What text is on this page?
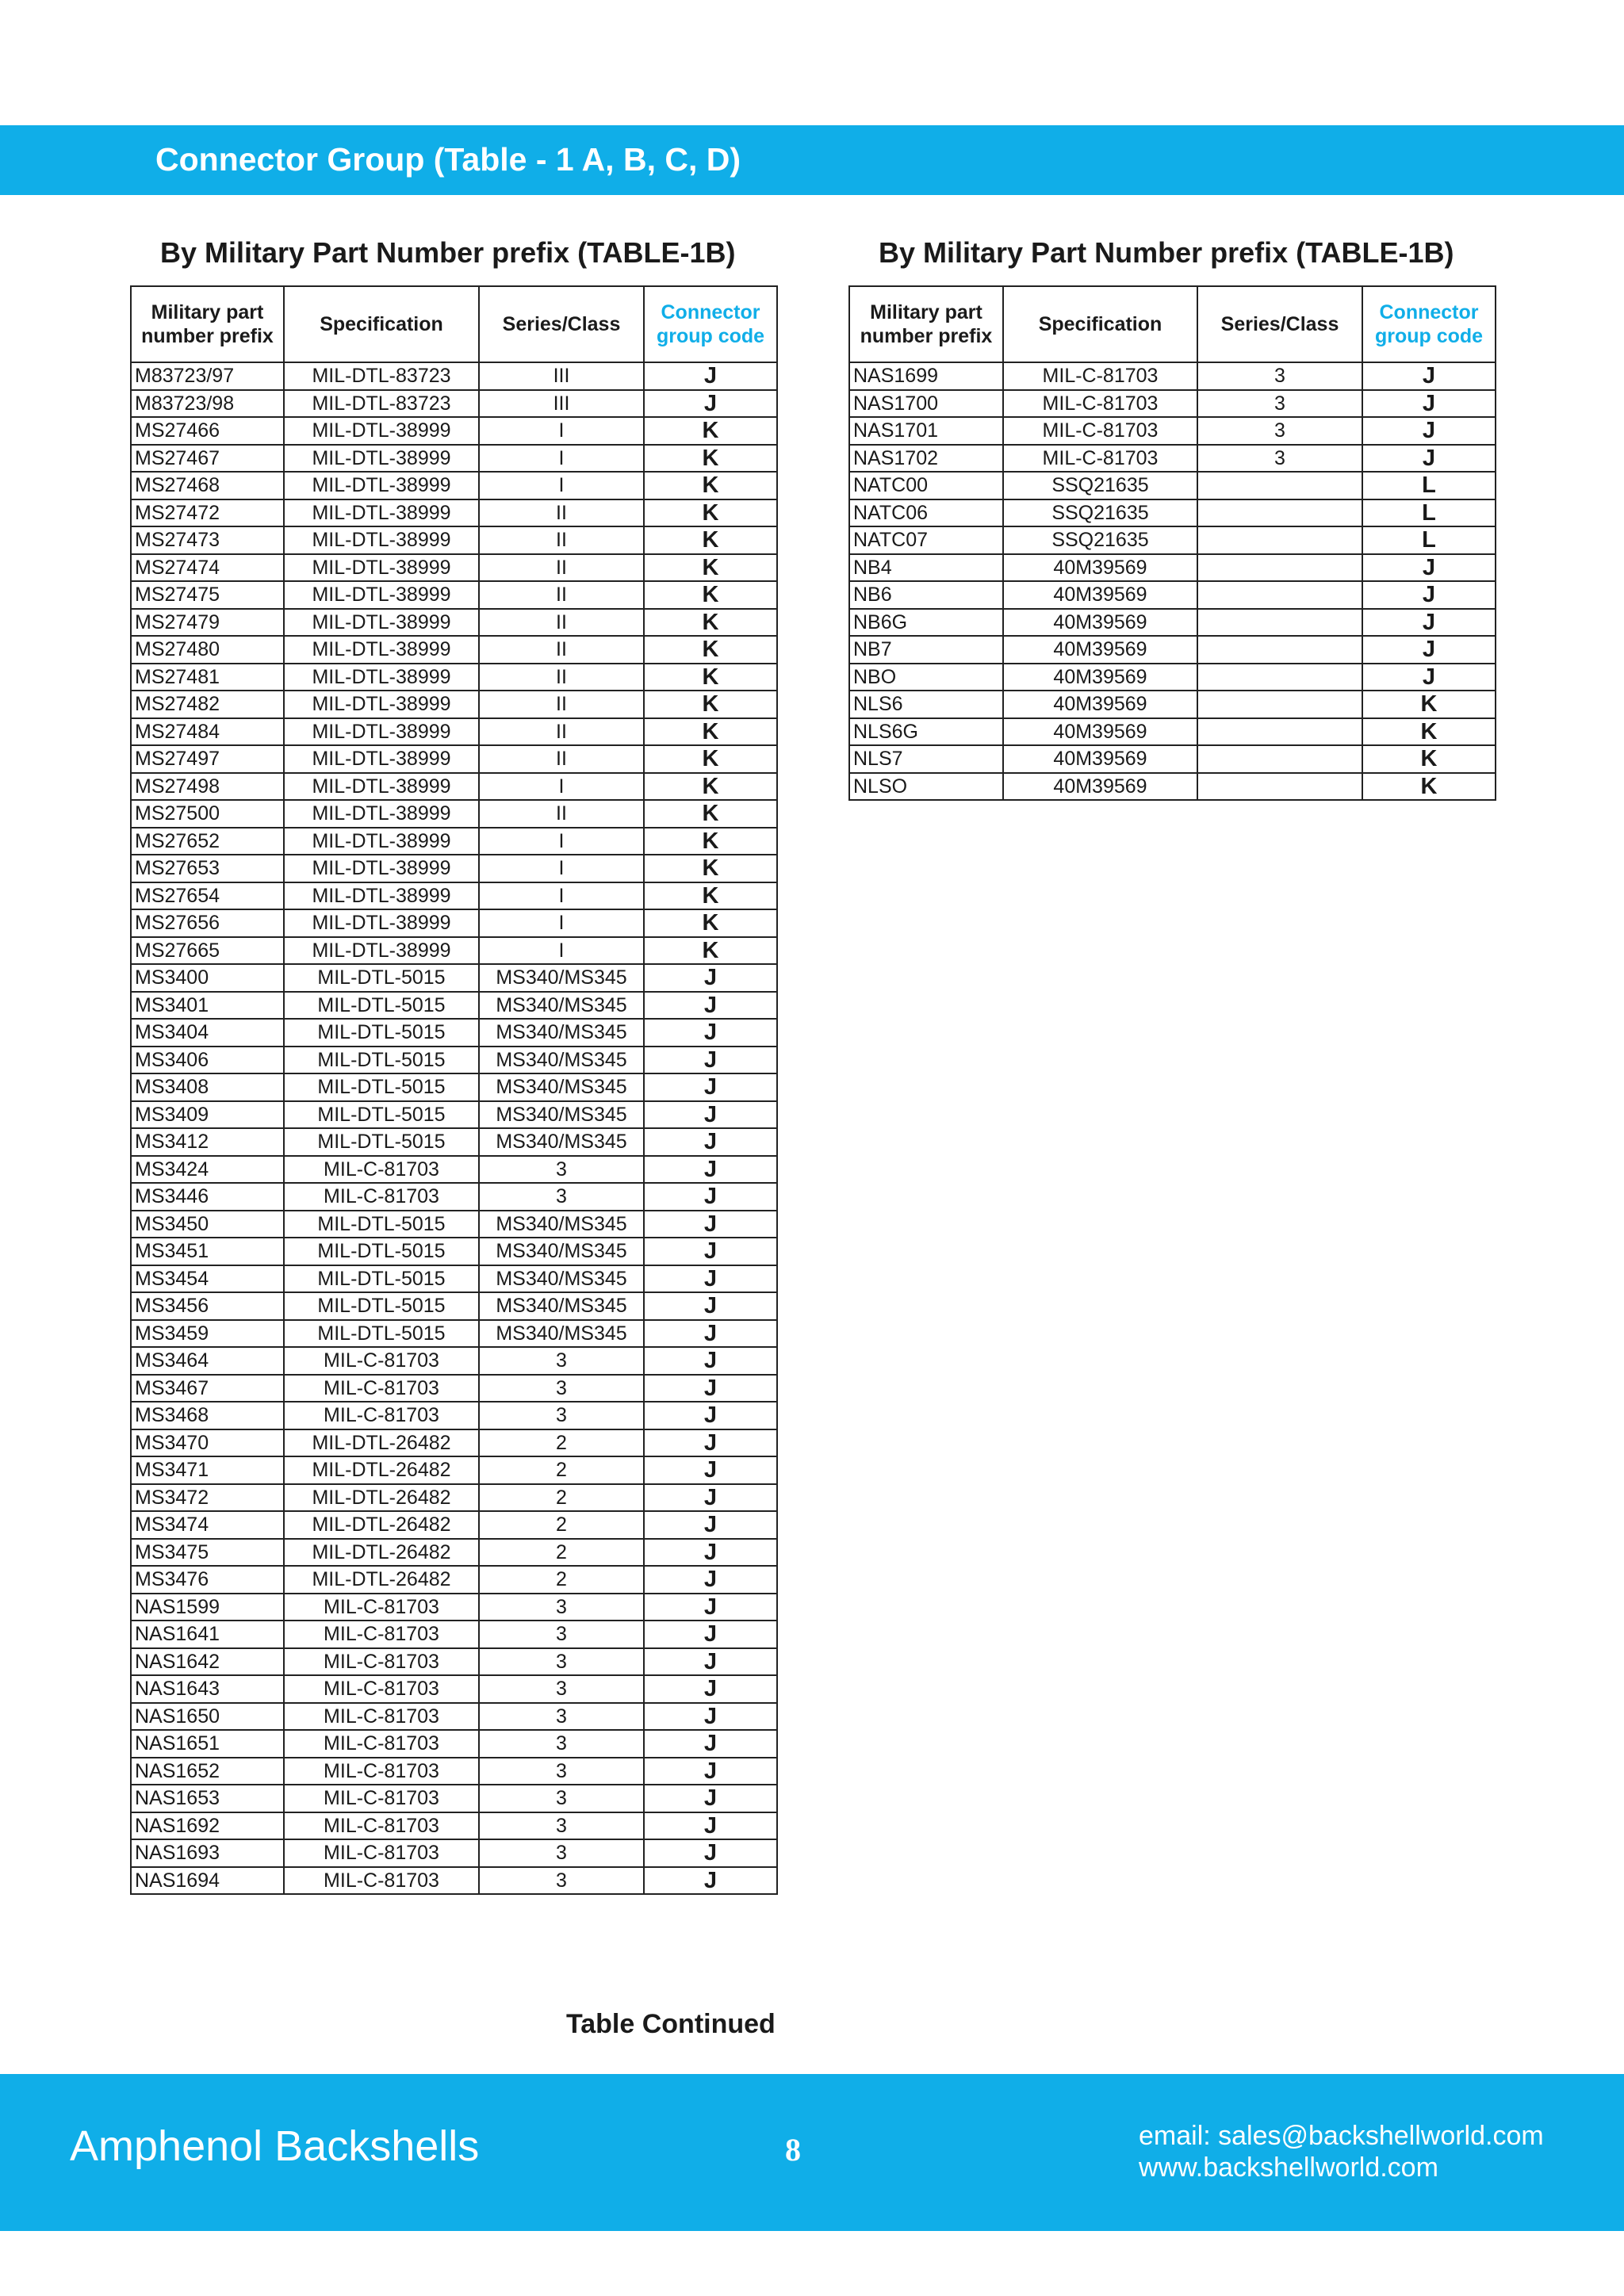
Connector Group (Table - 1 A, B, C, D)
By Military Part Number prefix (TABLE-1B)	By Military Part Number prefix (TABLE-1B)
Military part number prefix	Specification	Series/Class	Connector group code
M83723/97	MIL-DTL-83723	III	J
M83723/98	MIL-DTL-83723	III	J
MS27466	MIL-DTL-38999	I	K
MS27467	MIL-DTL-38999	I	K
MS27468	MIL-DTL-38999	I	K
MS27472	MIL-DTL-38999	II	K
MS27473	MIL-DTL-38999	II	K
MS27474	MIL-DTL-38999	II	K
MS27475	MIL-DTL-38999	II	K
MS27479	MIL-DTL-38999	II	K
MS27480	MIL-DTL-38999	II	K
MS27481	MIL-DTL-38999	II	K
MS27482	MIL-DTL-38999	II	K
MS27484	MIL-DTL-38999	II	K
MS27497	MIL-DTL-38999	II	K
MS27498	MIL-DTL-38999	I	K
MS27500	MIL-DTL-38999	II	K
MS27652	MIL-DTL-38999	I	K
MS27653	MIL-DTL-38999	I	K
MS27654	MIL-DTL-38999	I	K
MS27656	MIL-DTL-38999	I	K
MS27665	MIL-DTL-38999	I	K
MS3400	MIL-DTL-5015	MS340/MS345	J
MS3401	MIL-DTL-5015	MS340/MS345	J
MS3404	MIL-DTL-5015	MS340/MS345	J
MS3406	MIL-DTL-5015	MS340/MS345	J
MS3408	MIL-DTL-5015	MS340/MS345	J
MS3409	MIL-DTL-5015	MS340/MS345	J
MS3412	MIL-DTL-5015	MS340/MS345	J
MS3424	MIL-C-81703	3	J
MS3446	MIL-C-81703	3	J
MS3450	MIL-DTL-5015	MS340/MS345	J
MS3451	MIL-DTL-5015	MS340/MS345	J
MS3454	MIL-DTL-5015	MS340/MS345	J
MS3456	MIL-DTL-5015	MS340/MS345	J
MS3459	MIL-DTL-5015	MS340/MS345	J
MS3464	MIL-C-81703	3	J
MS3467	MIL-C-81703	3	J
MS3468	MIL-C-81703	3	J
MS3470	MIL-DTL-26482	2	J
MS3471	MIL-DTL-26482	2	J
MS3472	MIL-DTL-26482	2	J
MS3474	MIL-DTL-26482	2	J
MS3475	MIL-DTL-26482	2	J
MS3476	MIL-DTL-26482	2	J
NAS1599	MIL-C-81703	3	J
NAS1641	MIL-C-81703	3	J
NAS1642	MIL-C-81703	3	J
NAS1643	MIL-C-81703	3	J
NAS1650	MIL-C-81703	3	J
NAS1651	MIL-C-81703	3	J
NAS1652	MIL-C-81703	3	J
NAS1653	MIL-C-81703	3	J
NAS1692	MIL-C-81703	3	J
NAS1693	MIL-C-81703	3	J
NAS1694	MIL-C-81703	3	J
Table Continued
Military part number prefix	Specification	Series/Class	Connector group code
NAS1699	MIL-C-81703	3	J
NAS1700	MIL-C-81703	3	J
NAS1701	MIL-C-81703	3	J
NAS1702	MIL-C-81703	3	J
NATC00	SSQ21635		L
NATC06	SSQ21635		L
NATC07	SSQ21635		L
NB4	40M39569		J
NB6	40M39569		J
NB6G	40M39569		J
NB7	40M39569		J
NBO	40M39569		J
NLS6	40M39569		K
NLS6G	40M39569		K
NLS7	40M39569		K
NLSO	40M39569		K
Amphenol Backshells	8	email: sales@backshellworld.com
www.backshellworld.com
